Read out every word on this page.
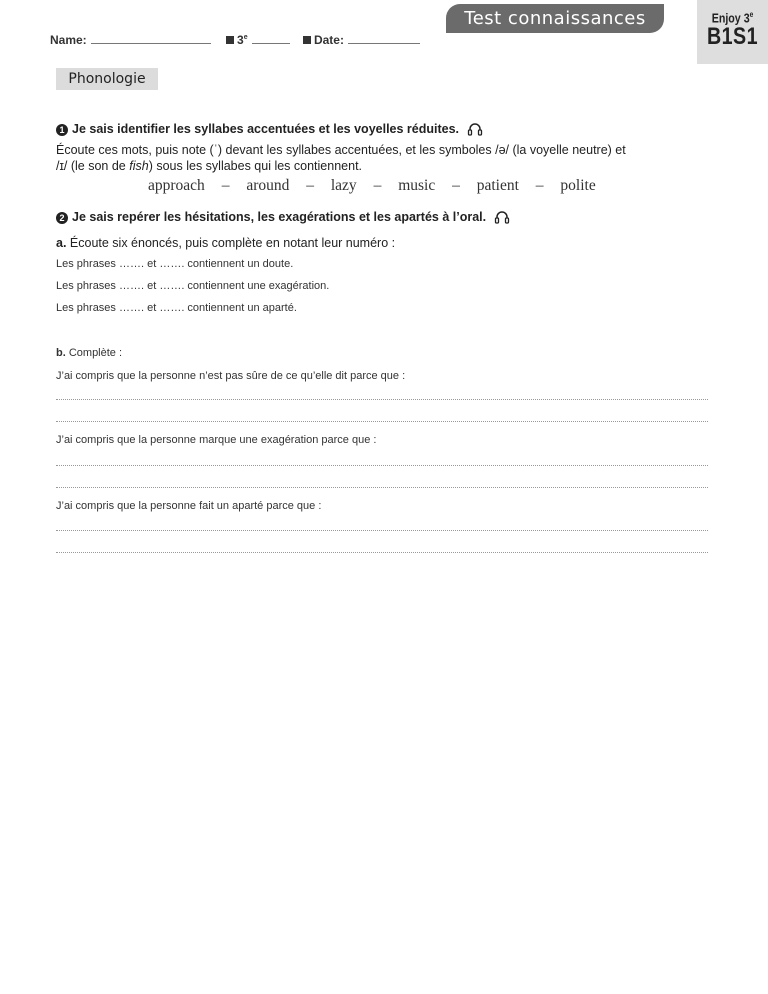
Name:	3e	Date:
Test connaissances	Enjoy 3e
B1S1
Phonologie
1 Je sais identifier les syllabes accentuées et les voyelles réduites.
Écoute ces mots, puis note (ˈ) devant les syllabes accentuées, et les symboles /ə/ (la voyelle neutre) et
/ɪ/ (le son de fish) sous les syllabes qui les contiennent.
approach – around – lazy – music – patient – polite
2 Je sais repérer les hésitations, les exagérations et les apartés à l’oral.
a. Écoute six énoncés, puis complète en notant leur numéro :
Les phrases ……. et ……. contiennent un doute.
Les phrases ……. et ……. contiennent une exagération.
Les phrases ……. et ……. contiennent un aparté.
b. Complète :
J’ai compris que la personne n’est pas sûre de ce qu’elle dit parce que :
J’ai compris que la personne marque une exagération parce que :
J’ai compris que la personne fait un aparté parce que :
